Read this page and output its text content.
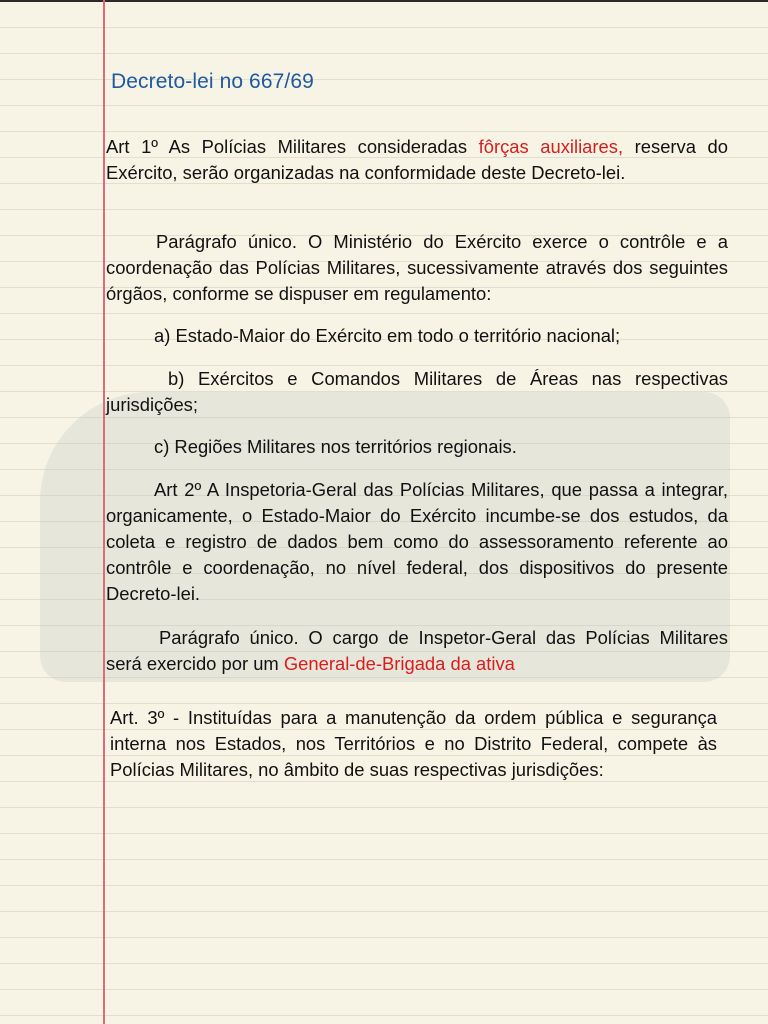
Decreto-lei no 667/69

Art 1º As Polícias Militares consideradas fôrças auxiliares, reserva do Exército, serão organizadas na conformidade deste Decreto-lei.

Parágrafo único. O Ministério do Exército exerce o contrôle e a coordenação das Polícias Militares, sucessivamente através dos seguintes órgãos, conforme se dispuser em regulamento:

a) Estado-Maior do Exército em todo o território nacional;

b) Exércitos e Comandos Militares de Áreas nas respectivas jurisdições;

c) Regiões Militares nos territórios regionais.

Art 2º A Inspetoria-Geral das Polícias Militares, que passa a integrar, organicamente, o Estado-Maior do Exército incumbe-se dos estudos, da coleta e registro de dados bem como do assessoramento referente ao contrôle e coordenação, no nível federal, dos dispositivos do presente Decreto-lei.

Parágrafo único. O cargo de Inspetor-Geral das Polícias Militares será exercido por um General-de-Brigada da ativa

Art. 3º - Instituídas para a manutenção da ordem pública e segurança interna nos Estados, nos Territórios e no Distrito Federal, compete às Polícias Militares, no âmbito de suas respectivas jurisdições:
